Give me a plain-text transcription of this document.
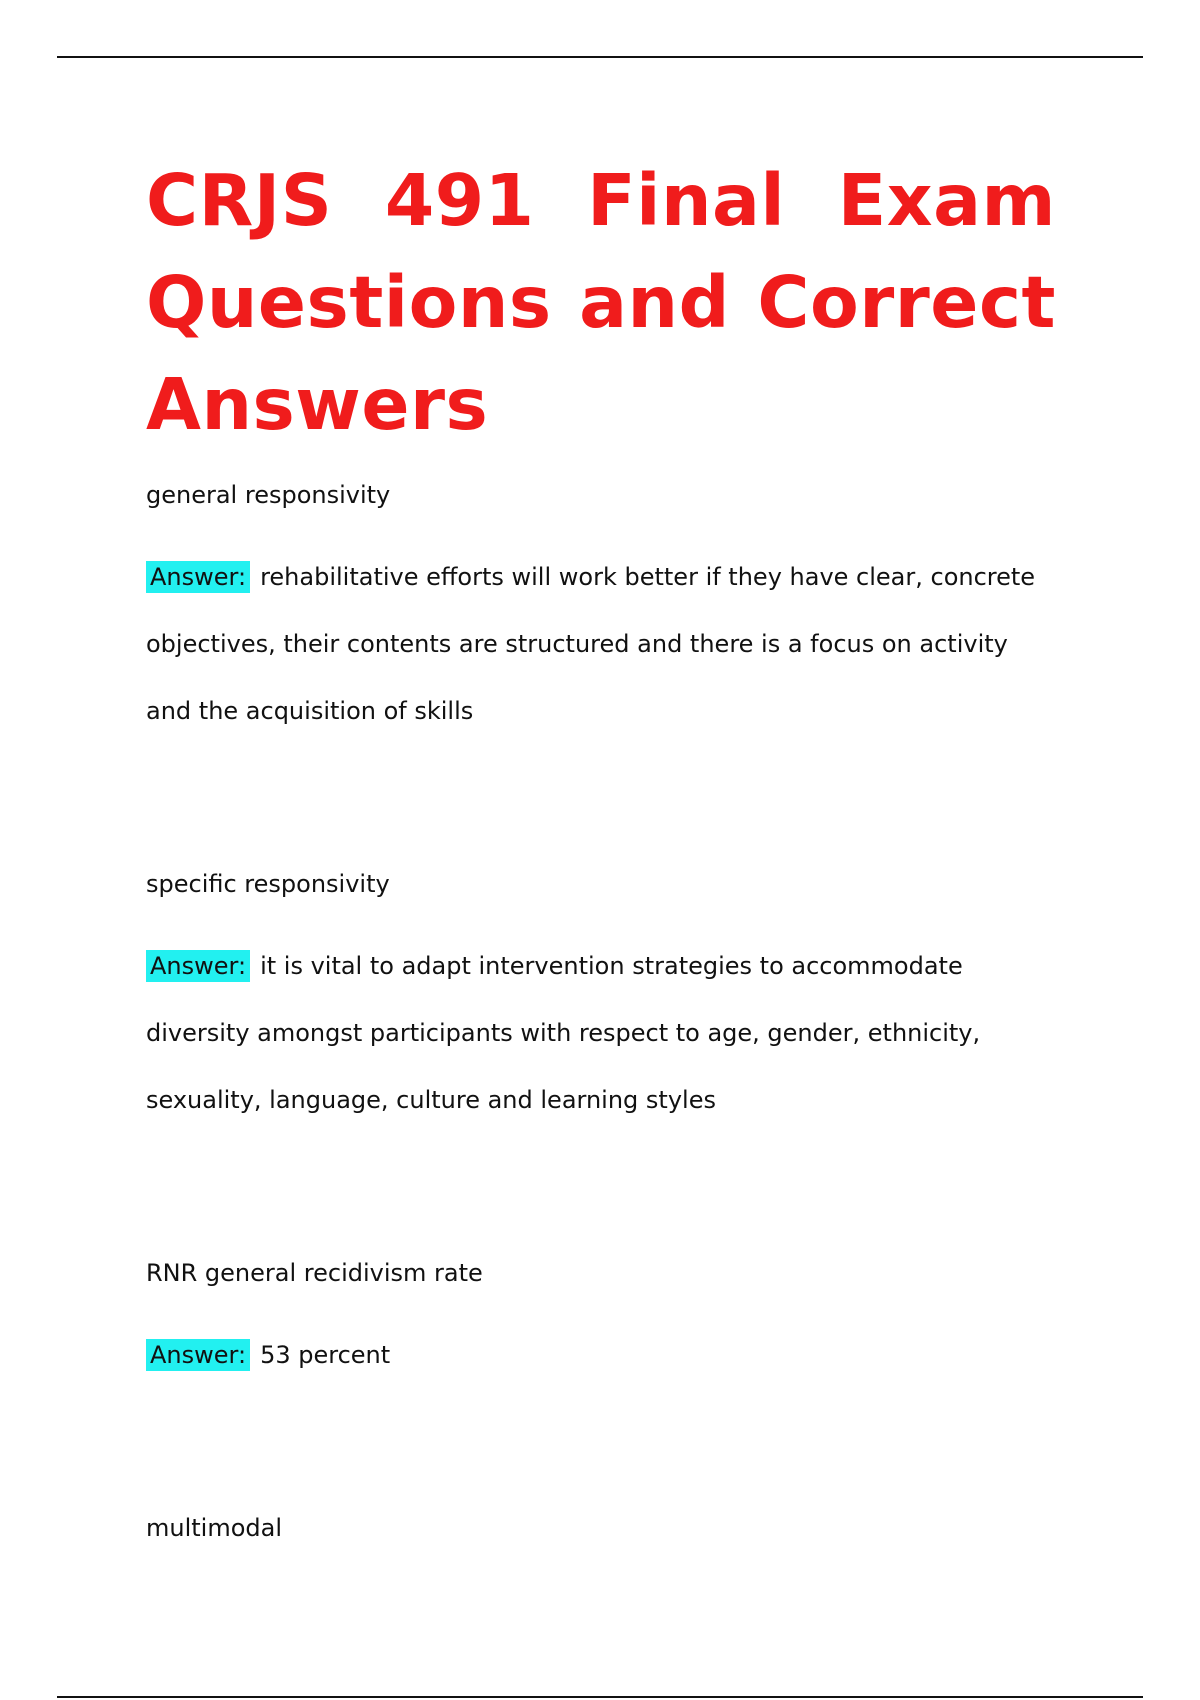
CRJS 491 Final Exam Questions and Correct Answers

general responsivity

Answer: rehabilitative efforts will work better if they have clear, concrete objectives, their contents are structured and there is a focus on activity and the acquisition of skills

specific responsivity

Answer: it is vital to adapt intervention strategies to accommodate diversity amongst participants with respect to age, gender, ethnicity, sexuality, language, culture and learning styles

RNR general recidivism rate

Answer: 53 percent

multimodal
